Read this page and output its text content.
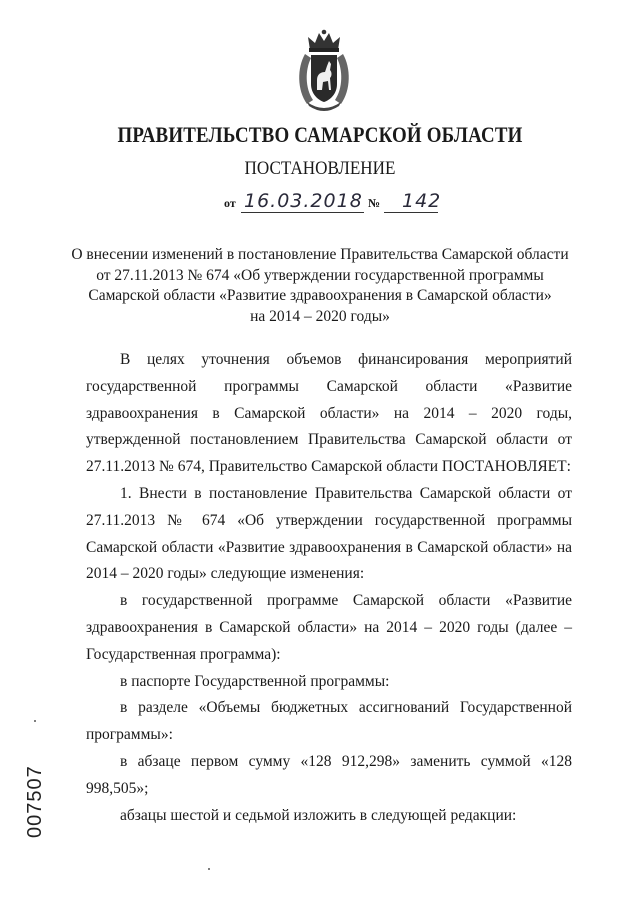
ПРАВИТЕЛЬСТВО САМАРСКОЙ ОБЛАСТИ
ПОСТАНОВЛЕНИЕ
от 16.03.2018 № 142
О внесении изменений в постановление Правительства Самарской области
от 27.11.2013 № 674 «Об утверждении государственной программы
Самарской области «Развитие здравоохранения в Самарской области»
на 2014 – 2020 годы»

В целях уточнения объемов финансирования мероприятий государственной программы Самарской области «Развитие здравоохранения в Самарской области» на 2014 – 2020 годы, утвержденной постановлением Правительства Самарской области от 27.11.2013 № 674, Правительство Самарской области ПОСТАНОВЛЯЕТ:

1. Внести в постановление Правительства Самарской области от 27.11.2013 № 674 «Об утверждении государственной программы Самарской области «Развитие здравоохранения в Самарской области» на 2014 – 2020 годы» следующие изменения:

в государственной программе Самарской области «Развитие здравоохранения в Самарской области» на 2014 – 2020 годы (далее – Государственная программа):

в паспорте Государственной программы:

в разделе «Объемы бюджетных ассигнований Государственной программы»:

в абзаце первом сумму «128 912,298» заменить суммой «128 998,505»;

абзацы шестой и седьмой изложить в следующей редакции:

007507
